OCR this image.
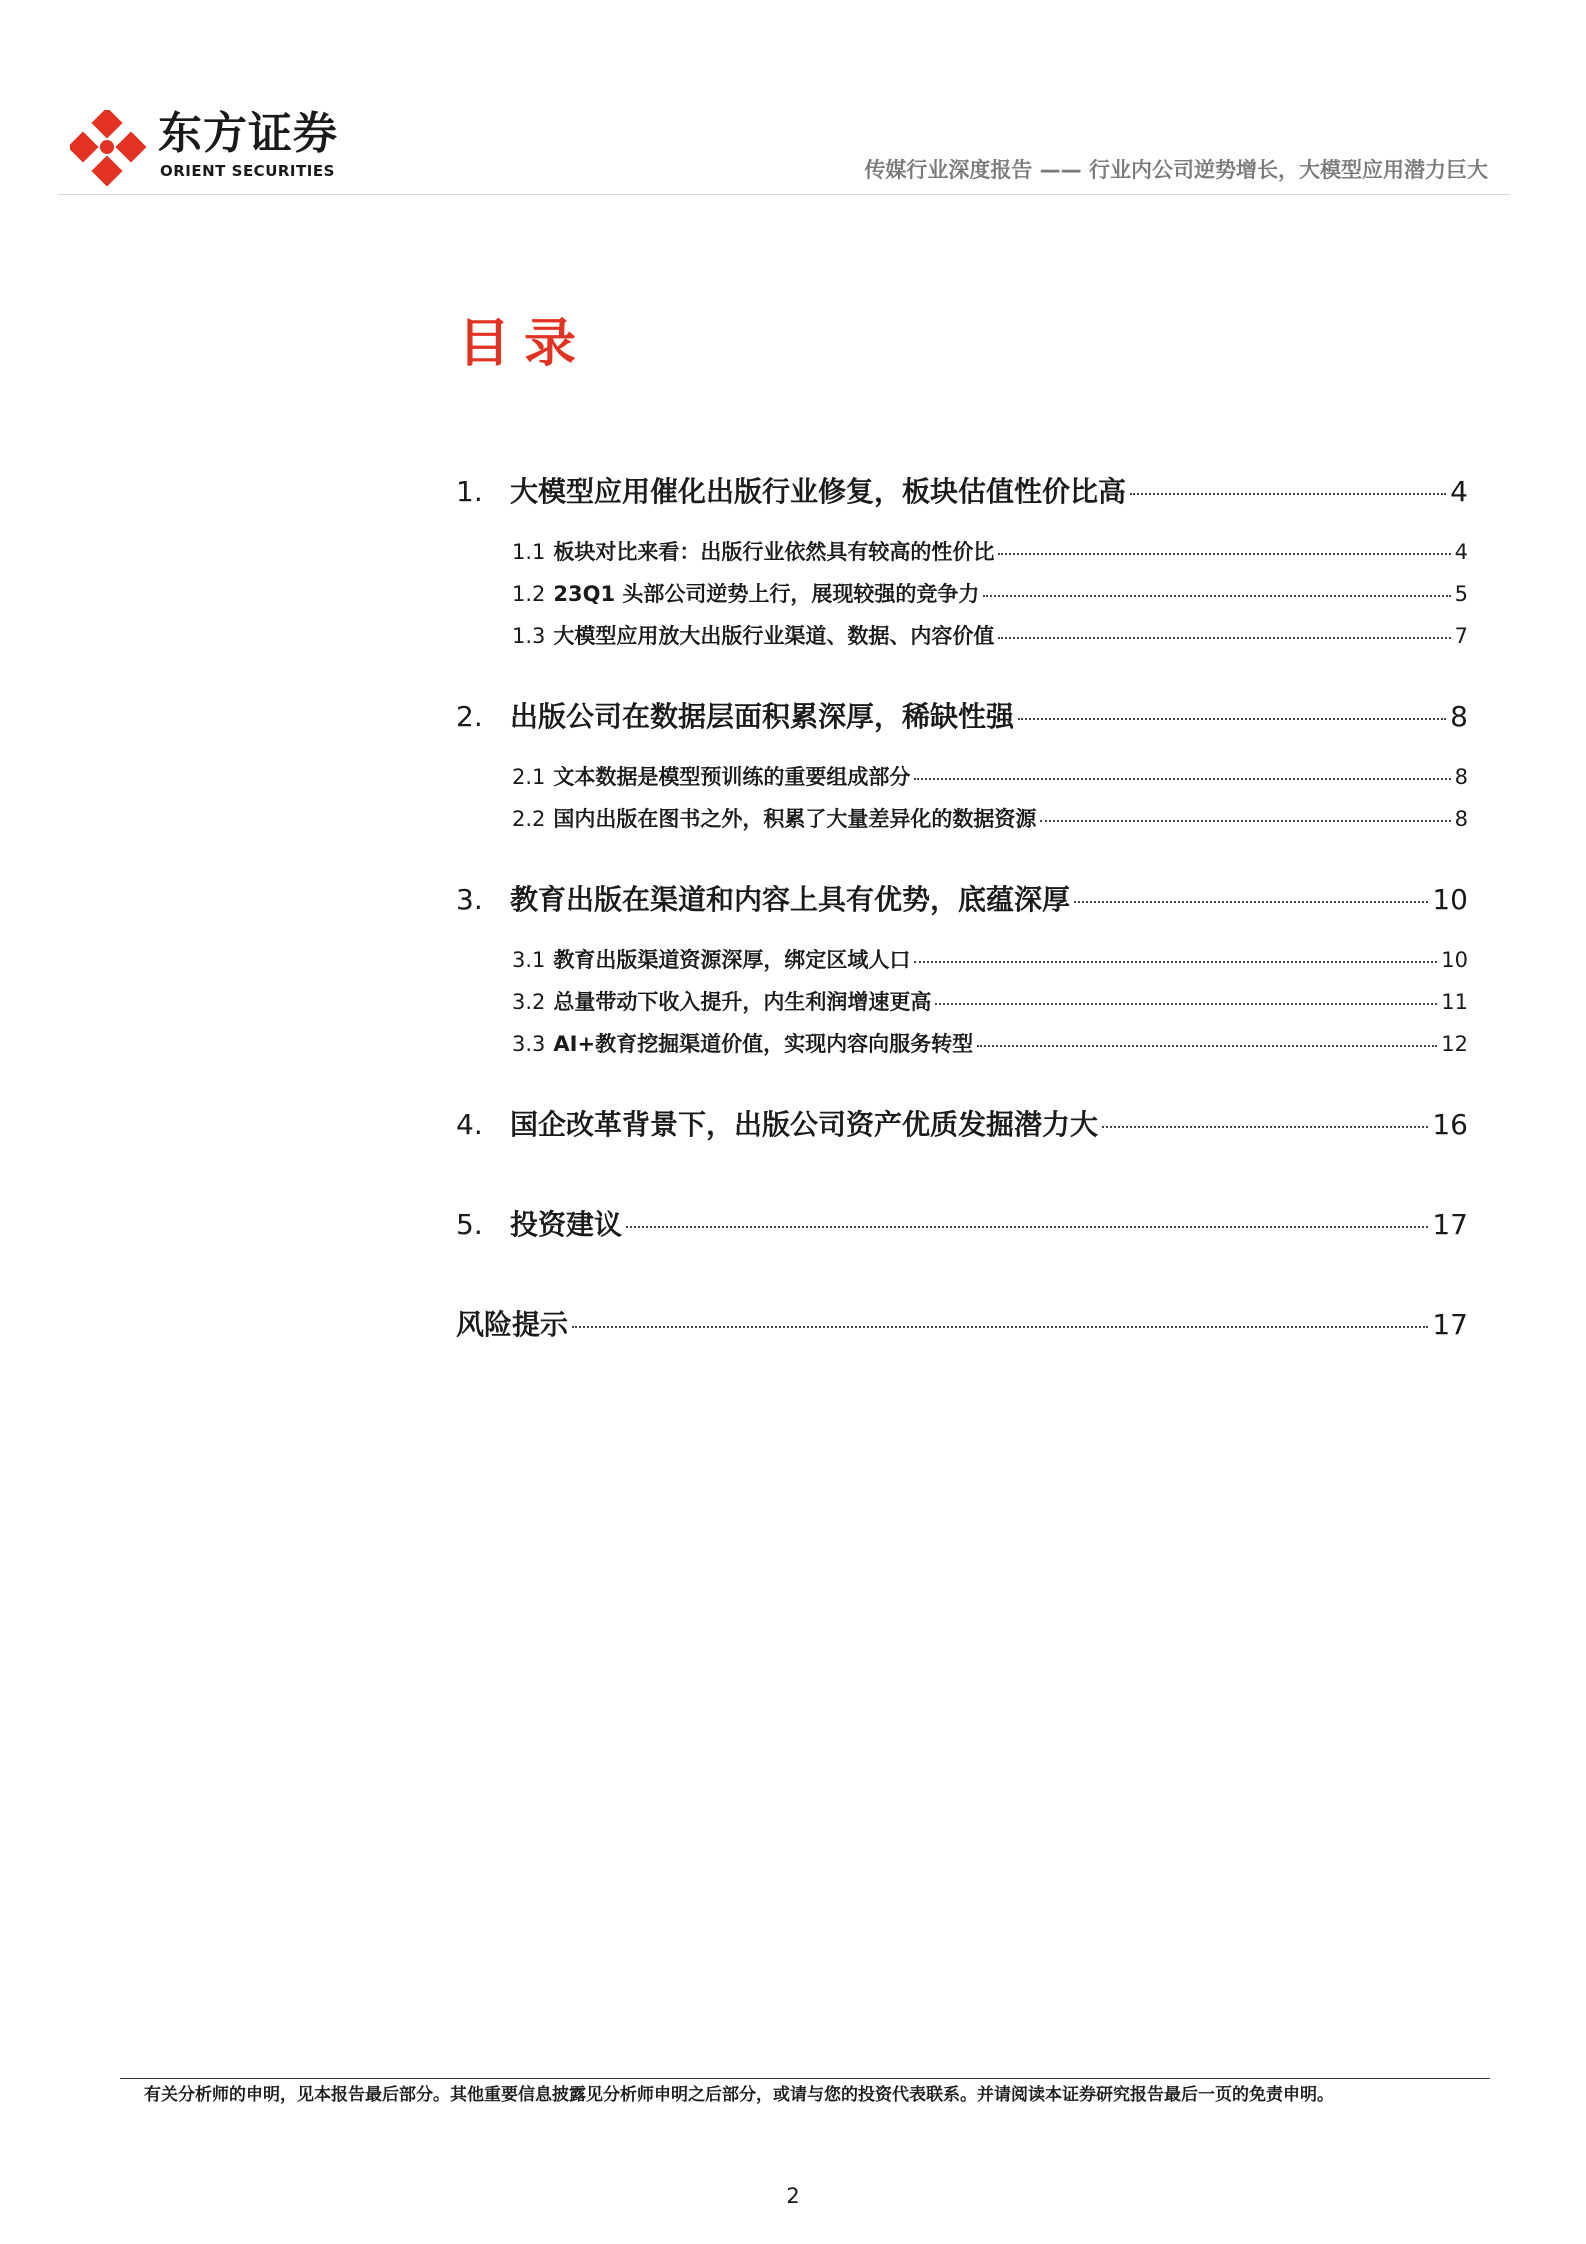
东方证券
ORIENT SECURITIES	传媒行业深度报告 —— 行业内公司逆势增长，大模型应用潜力巨大
目录
1. 大模型应用催化出版行业修复，板块估值性价比高	4
1.1 板块对比来看：出版行业依然具有较高的性价比	4
1.2 23Q1 头部公司逆势上行，展现较强的竞争力	5
1.3 大模型应用放大出版行业渠道、数据、内容价值	7
2. 出版公司在数据层面积累深厚，稀缺性强	8
2.1 文本数据是模型预训练的重要组成部分	8
2.2 国内出版在图书之外，积累了大量差异化的数据资源	8
3. 教育出版在渠道和内容上具有优势，底蕴深厚	10
3.1 教育出版渠道资源深厚，绑定区域人口	10
3.2 总量带动下收入提升，内生利润增速更高	11
3.3 AI+教育挖掘渠道价值，实现内容向服务转型	12
4. 国企改革背景下，出版公司资产优质发掘潜力大	16
5. 投资建议	17
风险提示	17
有关分析师的申明，见本报告最后部分。其他重要信息披露见分析师申明之后部分，或请与您的投资代表联系。并请阅读本证券研究报告最后一页的免责申明。
2
